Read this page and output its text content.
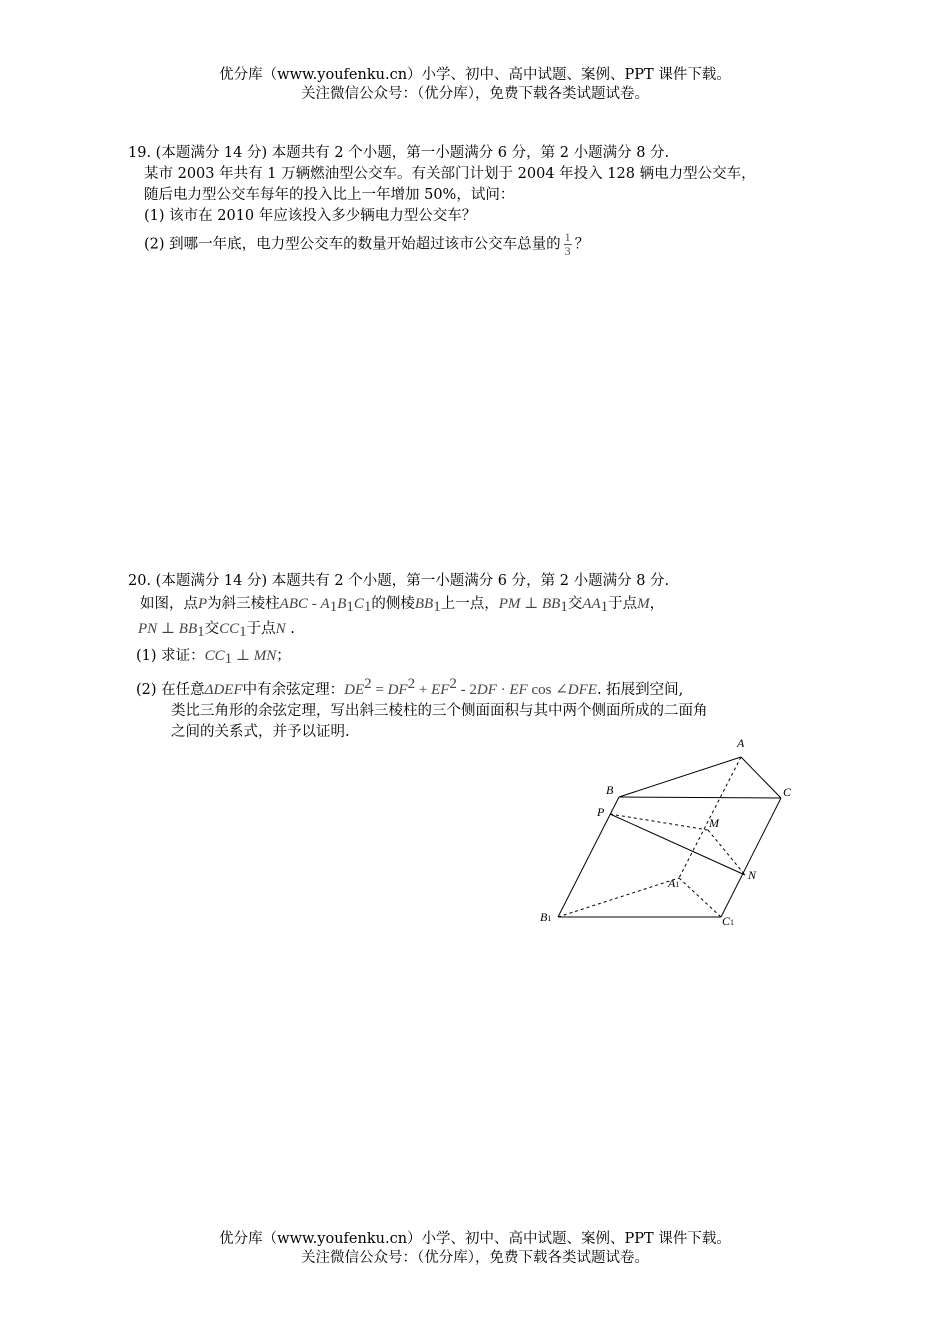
优分库（www.youfenku.cn）小学、初中、高中试题、案例、PPT 课件下载。
关注微信公众号：（优分库），免费下载各类试题试卷。
19. (本题满分 14 分) 本题共有 2 个小题，第一小题满分 6 分，第 2 小题满分 8 分.
某市 2003 年共有 1 万辆燃油型公交车。有关部门计划于 2004 年投入 128 辆电力型公交车，
随后电力型公交车每年的投入比上一年增加 50%，试问：
(1) 该市在 2010 年应该投入多少辆电力型公交车？
(2) 到哪一年底，电力型公交车的数量开始超过该市公交车总量的 $\frac{1}{3}$ ？
20. (本题满分 14 分) 本题共有 2 个小题，第一小题满分 6 分，第 2 小题满分 8 分.
如图，点P为斜三棱柱ABC - $A_1B_1C_1$的侧棱$BB_1$上一点，PM ⊥ $BB_1$交$AA_1$于点M，
PN ⊥ $BB_1$交$CC_1$于点N .
(1) 求证：$CC_1$ ⊥ MN；
(2) 在任意ΔDEF中有余弦定理：$DE^2 = DF^2 + EF^2 - 2DF$ · EF cos ∠DFE. 拓展到空间,
类比三角形的余弦定理，写出斜三棱柱的三个侧面面积与其中两个侧面所成的二面角
之间的关系式，并予以证明.
A
B	C
P
M
N
A1
B1	C1
优分库（www.youfenku.cn）小学、初中、高中试题、案例、PPT 课件下载。
关注微信公众号：（优分库），免费下载各类试题试卷。
